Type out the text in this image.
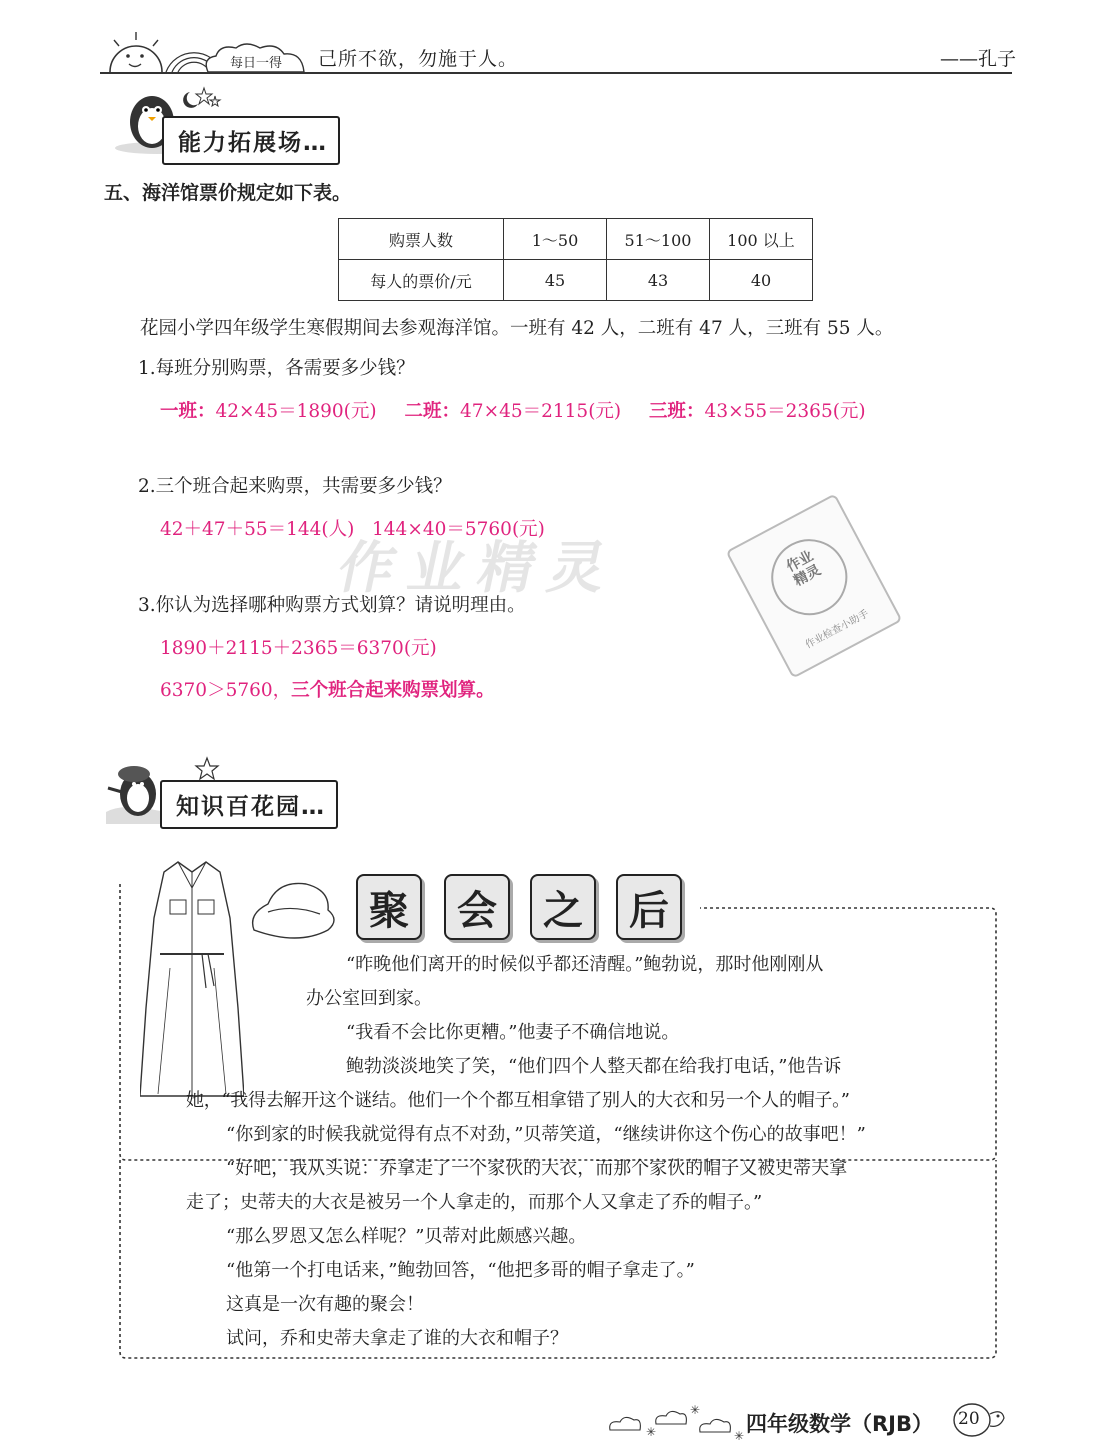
每日一得 己所不欲，勿施于人。	——孔子
能力拓展场…
五、海洋馆票价规定如下表。
购票人数	1～50	51～100	100 以上
每人的票价/元	45	43	40
花园小学四年级学生寒假期间去参观海洋馆。一班有 42 人，二班有 47 人，三班有 55 人。
1.每班分别购票，各需要多少钱？
一班：42×45＝1890(元) 二班：47×45＝2115(元) 三班：43×55＝2365(元)
作业精灵
2.三个班合起来购票，共需要多少钱？
42＋47＋55＝144(人)   144×40＝5760(元)
3.你认为选择哪种购票方式划算？请说明理由。
1890＋2115＋2365＝6370(元)
6370＞5760，三个班合起来购票划算。
作业精灵
作业检查小助手
知识百花园…
聚	会	之	后
“昨晚他们离开的时候似乎都还清醒。”鲍勃说，那时他刚刚从
办公室回到家。
“我看不会比你更糟。”他妻子不确信地说。
鲍勃淡淡地笑了笑，“他们四个人整天都在给我打电话，”他告诉
她，“我得去解开这个谜结。他们一个个都互相拿错了别人的大衣和另一个人的帽子。”
“你到家的时候我就觉得有点不对劲，”贝蒂笑道，“继续讲你这个伤心的故事吧！”
“好吧，我从头说：乔拿走了一个家伙的大衣，而那个家伙的帽子又被史蒂夫拿
走了；史蒂夫的大衣是被另一个人拿走的，而那个人又拿走了乔的帽子。”
“那么罗恩又怎么样呢？”贝蒂对此颇感兴趣。
“他第一个打电话来，”鲍勃回答，“他把多哥的帽子拿走了。”
这真是一次有趣的聚会！
试问，乔和史蒂夫拿走了谁的大衣和帽子？
✳
✳
✳ 四年级数学（RJB） 20
